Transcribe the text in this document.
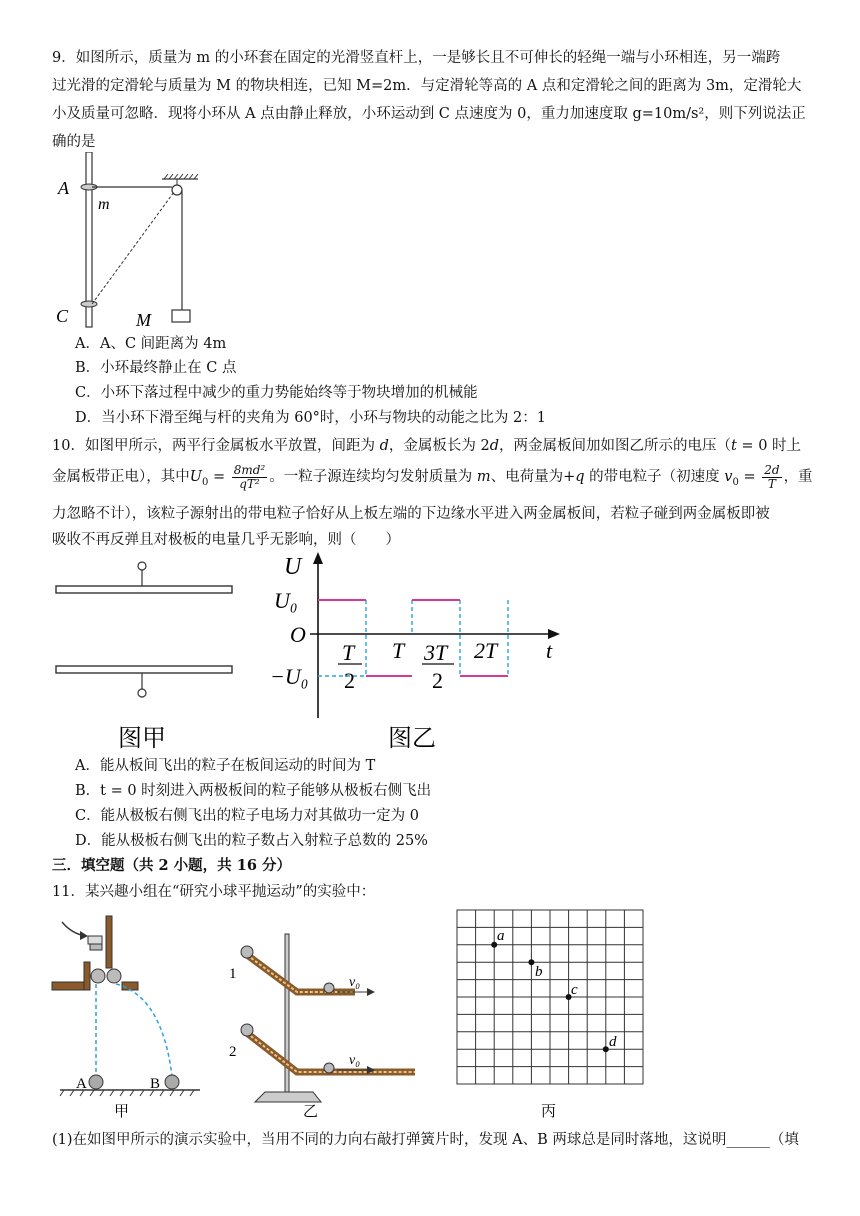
9．如图所示，质量为 m 的小环套在固定的光滑竖直杆上，一是够长且不可伸长的轻绳一端与小环相连，另一端跨
过光滑的定滑轮与质量为 M 的物块相连，已知 M=2m．与定滑轮等高的 A 点和定滑轮之间的距离为 3m，定滑轮大
小及质量可忽略．现将小环从 A 点由静止释放，小环运动到 C 点速度为 0，重力加速度取 g=10m/s²，则下列说法正
确的是
A
m
C	M
A．A、C 间距离为 4m
B．小环最终静止在 C 点
C．小环下落过程中减少的重力势能始终等于物块增加的机械能
D．当小环下滑至绳与杆的夹角为 60°时，小环与物块的动能之比为 2：1
10．如图甲所示，两平行金属板水平放置，间距为 d，金属板长为 2d，两金属板间加如图乙所示的电压（t = 0 时上
金属板带正电），其中$U_0 = \frac{\text{8md²}}{\text{qT²}}$ 。一粒子源连续均匀发射质量为 m、电荷量为+q 的带电粒子（初速度 $v_0 = \frac{2d}{T}$ ，重
力忽略不计），该粒子源射出的带电粒子恰好从上板左端的下边缘水平进入两金属板间，若粒子碰到两金属板即被
吸收不再反弹且对极板的电量几乎无影响，则（　　）
图甲
U
U₀
O
−U₀
t
T
2
T 3T
2
2T
图乙
A．能从板间飞出的粒子在板间运动的时间为 T
B．t = 0 时刻进入两极板间的粒子能够从极板右侧飞出
C．能从极板右侧飞出的粒子电场力对其做功一定为 0
D．能从极板右侧飞出的粒子数占入射粒子总数的 25%
三．填空题（共 2 小题，共 16 分）
11．某兴趣小组在“研究小球平抛运动”的实验中：
A	B
甲
1
2
v₀
v₀
乙
a
b
c
d
丙
(1)在如图甲所示的演示实验中，当用不同的力向右敲打弹簧片时，发现 A、B 两球总是同时落地，这说明______（填
